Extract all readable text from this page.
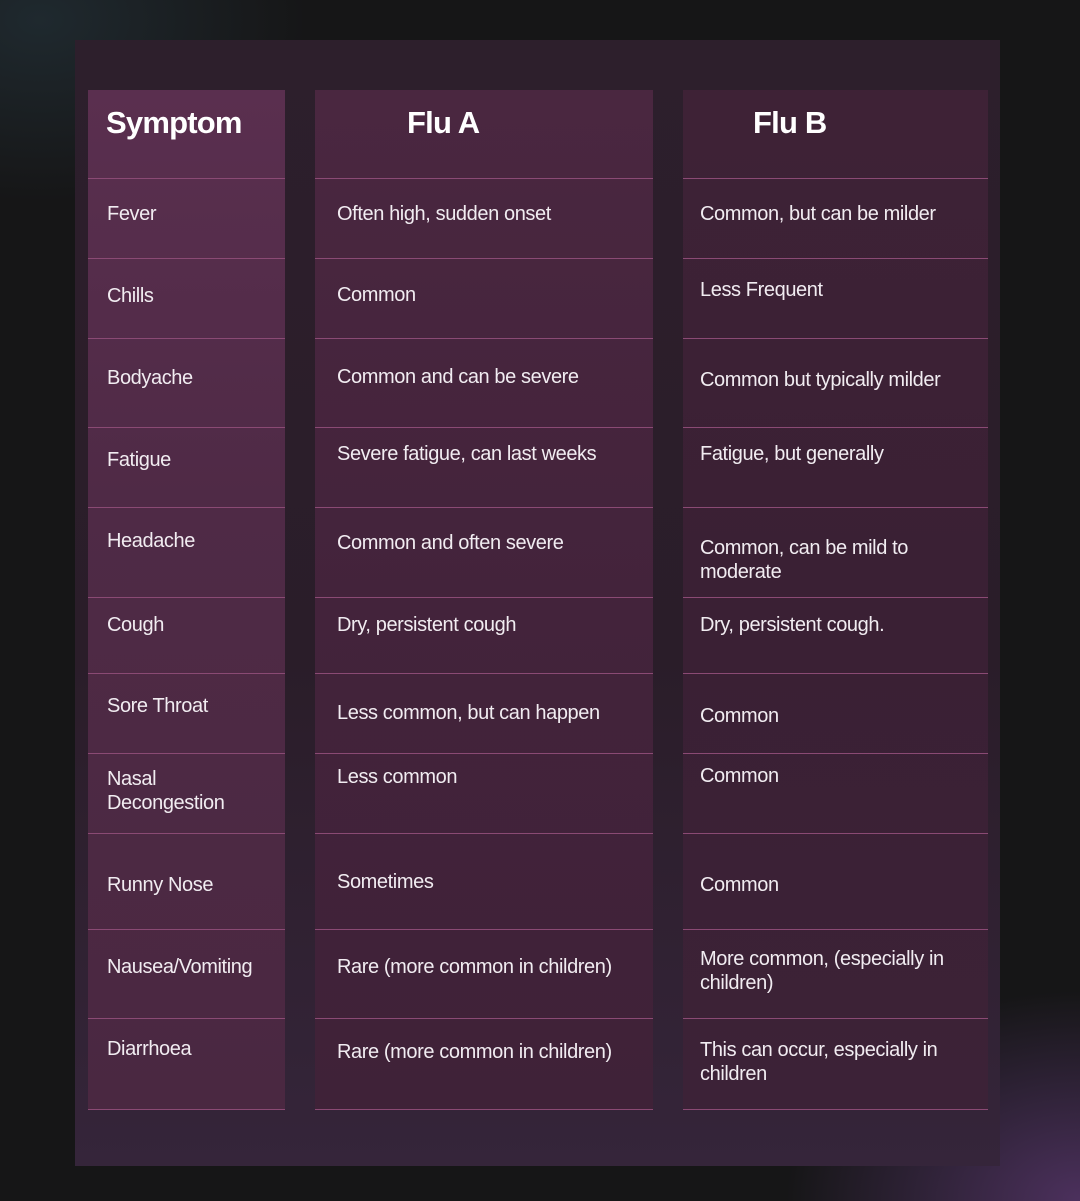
Symptom
Fever
Chills
Bodyache
Fatigue
Headache
Cough
Sore Throat
Nasal Decongestion
Runny Nose
Nausea/Vomiting
Diarrhoea
Flu A
Often high, sudden onset
Common
Common and can be severe
Severe fatigue, can last weeks
Common and often severe
Dry, persistent cough
Less common, but can happen
Less common
Sometimes
Rare (more common in children)
Rare (more common in children)
Flu B
Common, but can be milder
Less Frequent
Common but typically milder
Fatigue, but generally
Common, can be mild to moderate
Dry, persistent cough.
Common
Common
Common
More common, (especially in children)
This can occur, especially in children
